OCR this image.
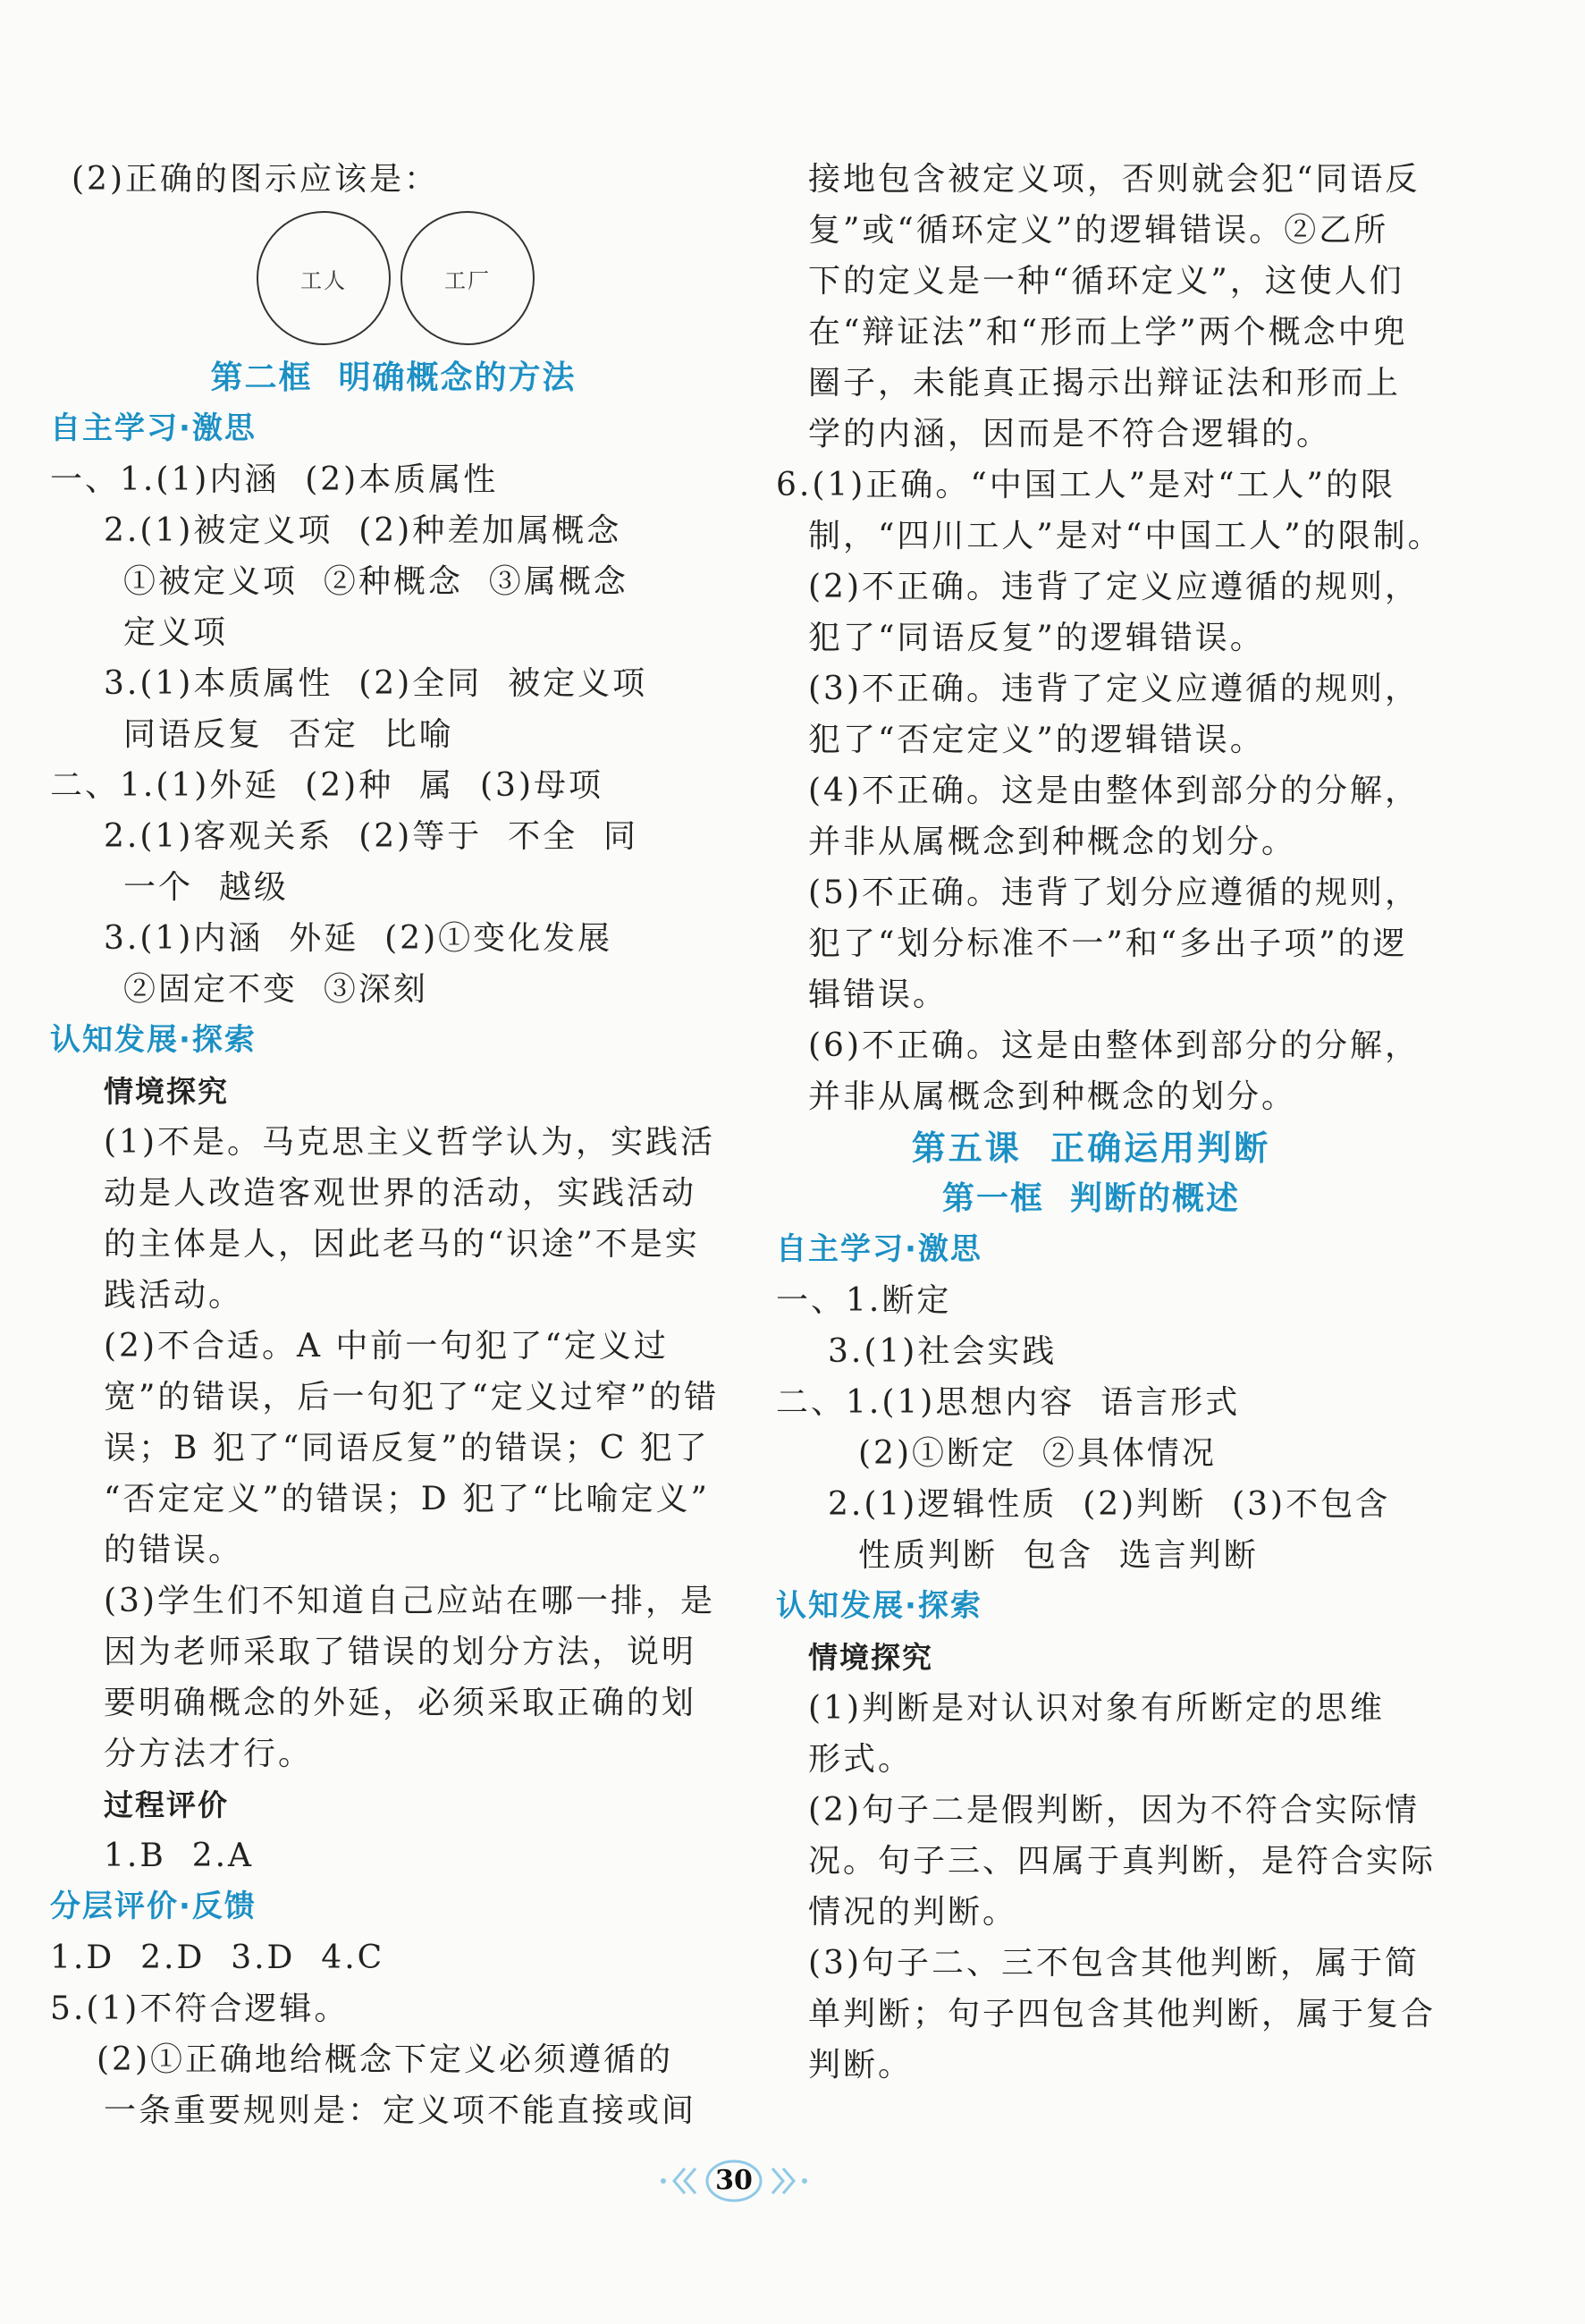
(2)正确的图示应该是：
工人	工厂
第二框  明确概念的方法
自主学习·激思
一、1.(1)内涵  (2)本质属性
2.(1)被定义项  (2)种差加属概念
①被定义项  ②种概念  ③属概念
定义项
3.(1)本质属性  (2)全同  被定义项
同语反复  否定  比喻
二、1.(1)外延  (2)种  属  (3)母项
2.(1)客观关系  (2)等于  不全  同
一个  越级
3.(1)内涵  外延  (2)①变化发展
②固定不变  ③深刻
认知发展·探索
情境探究
(1)不是。马克思主义哲学认为，实践活
动是人改造客观世界的活动，实践活动
的主体是人，因此老马的“识途”不是实
践活动。
(2)不合适。A 中前一句犯了“定义过
宽”的错误，后一句犯了“定义过窄”的错
误；B 犯了“同语反复”的错误；C 犯了
“否定定义”的错误；D 犯了“比喻定义”
的错误。
(3)学生们不知道自己应站在哪一排，是
因为老师采取了错误的划分方法，说明
要明确概念的外延，必须采取正确的划
分方法才行。
过程评价
1.B  2.A
分层评价·反馈
1.D  2.D  3.D  4.C
5.(1)不符合逻辑。
(2)①正确地给概念下定义必须遵循的
一条重要规则是：定义项不能直接或间
接地包含被定义项，否则就会犯“同语反
复”或“循环定义”的逻辑错误。②乙所
下的定义是一种“循环定义”，这使人们
在“辩证法”和“形而上学”两个概念中兜
圈子，未能真正揭示出辩证法和形而上
学的内涵，因而是不符合逻辑的。
6.(1)正确。“中国工人”是对“工人”的限
制，“四川工人”是对“中国工人”的限制。
(2)不正确。违背了定义应遵循的规则，
犯了“同语反复”的逻辑错误。
(3)不正确。违背了定义应遵循的规则，
犯了“否定定义”的逻辑错误。
(4)不正确。这是由整体到部分的分解，
并非从属概念到种概念的划分。
(5)不正确。违背了划分应遵循的规则，
犯了“划分标准不一”和“多出子项”的逻
辑错误。
(6)不正确。这是由整体到部分的分解，
并非从属概念到种概念的划分。
第五课  正确运用判断
第一框  判断的概述
自主学习·激思
一、1.断定
3.(1)社会实践
二、1.(1)思想内容  语言形式
(2)①断定  ②具体情况
2.(1)逻辑性质  (2)判断  (3)不包含
性质判断  包含  选言判断
认知发展·探索
情境探究
(1)判断是对认识对象有所断定的思维
形式。
(2)句子二是假判断，因为不符合实际情
况。句子三、四属于真判断，是符合实际
情况的判断。
(3)句子二、三不包含其他判断，属于简
单判断；句子四包含其他判断，属于复合
判断。
30
